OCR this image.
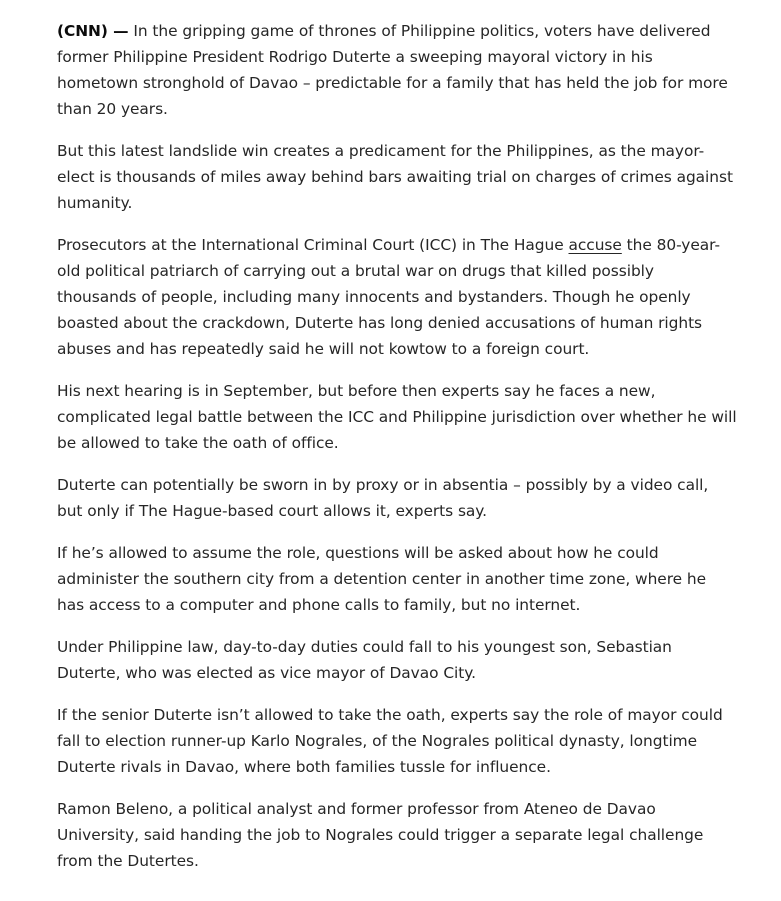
(CNN) — In the gripping game of thrones of Philippine politics, voters have delivered former Philippine President Rodrigo Duterte a sweeping mayoral victory in his hometown stronghold of Davao – predictable for a family that has held the job for more than 20 years.

But this latest landslide win creates a predicament for the Philippines, as the mayor-elect is thousands of miles away behind bars awaiting trial on charges of crimes against humanity.

Prosecutors at the International Criminal Court (ICC) in The Hague accuse the 80-year-old political patriarch of carrying out a brutal war on drugs that killed possibly thousands of people, including many innocents and bystanders. Though he openly boasted about the crackdown, Duterte has long denied accusations of human rights abuses and has repeatedly said he will not kowtow to a foreign court.

His next hearing is in September, but before then experts say he faces a new, complicated legal battle between the ICC and Philippine jurisdiction over whether he will be allowed to take the oath of office.

Duterte can potentially be sworn in by proxy or in absentia – possibly by a video call, but only if The Hague-based court allows it, experts say.

If he’s allowed to assume the role, questions will be asked about how he could administer the southern city from a detention center in another time zone, where he has access to a computer and phone calls to family, but no internet.

Under Philippine law, day-to-day duties could fall to his youngest son, Sebastian Duterte, who was elected as vice mayor of Davao City.

If the senior Duterte isn’t allowed to take the oath, experts say the role of mayor could fall to election runner-up Karlo Nograles, of the Nograles political dynasty, longtime Duterte rivals in Davao, where both families tussle for influence.

Ramon Beleno, a political analyst and former professor from Ateneo de Davao University, said handing the job to Nograles could trigger a separate legal challenge from the Dutertes.
